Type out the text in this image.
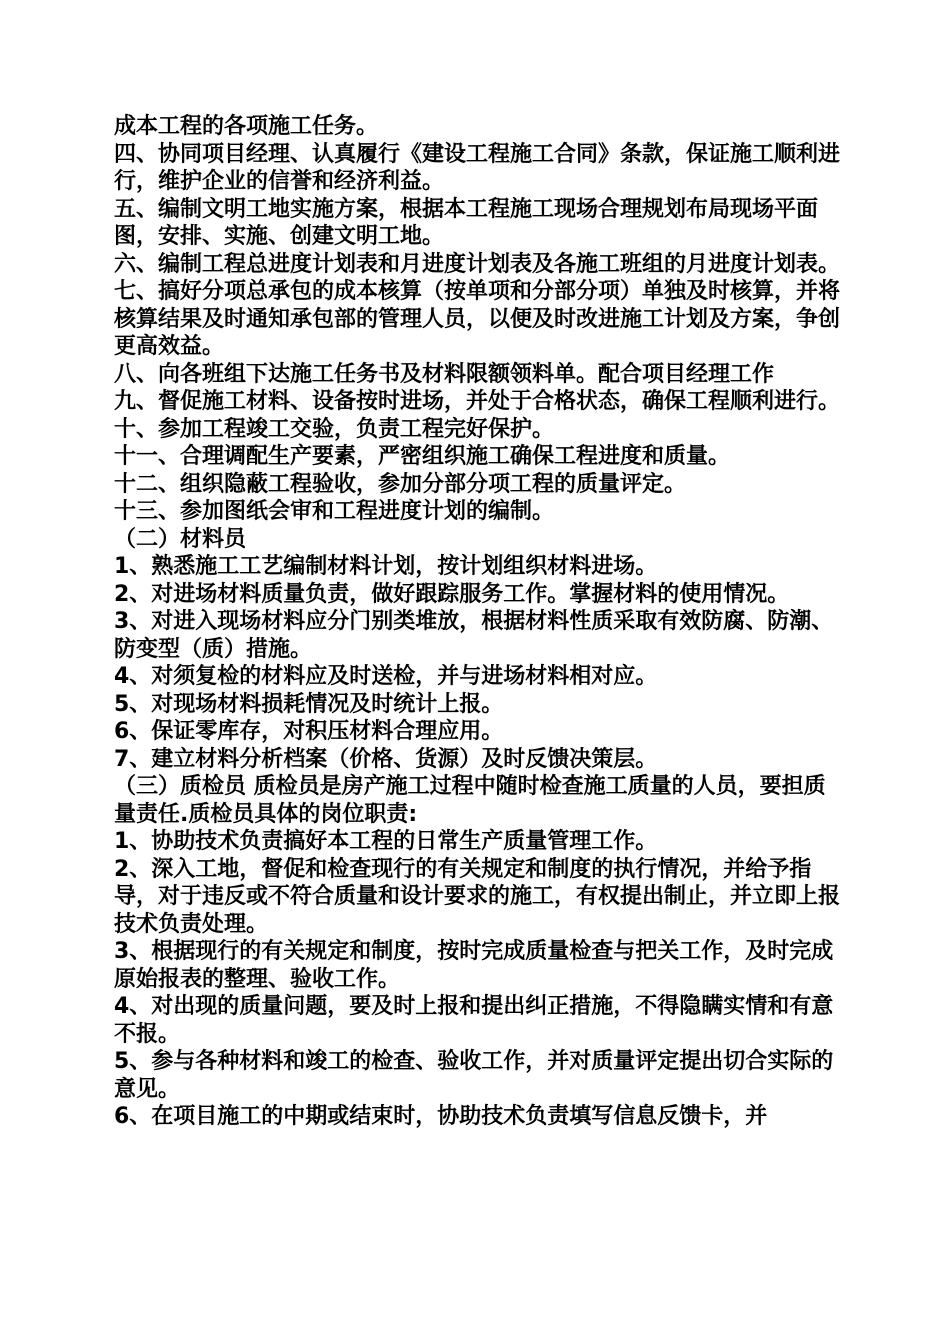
成本工程的各项施工任务。

四、协同项目经理、认真履行《建设工程施工合同》条款，保证施工顺利进行，维护企业的信誉和经济利益。

五、编制文明工地实施方案，根据本工程施工现场合理规划布局现场平面图，安排、实施、创建文明工地。

六、编制工程总进度计划表和月进度计划表及各施工班组的月进度计划表。

七、搞好分项总承包的成本核算（按单项和分部分项）单独及时核算，并将核算结果及时通知承包部的管理人员，以便及时改进施工计划及方案，争创更高效益。

八、向各班组下达施工任务书及材料限额领料单。配合项目经理工作

九、督促施工材料、设备按时进场，并处于合格状态，确保工程顺利进行。

十、参加工程竣工交验，负责工程完好保护。

十一、合理调配生产要素，严密组织施工确保工程进度和质量。

十二、组织隐蔽工程验收，参加分部分项工程的质量评定。

十三、参加图纸会审和工程进度计划的编制。

（二）材料员

1、熟悉施工工艺编制材料计划，按计划组织材料进场。

2、对进场材料质量负责，做好跟踪服务工作。掌握材料的使用情况。

3、对进入现场材料应分门别类堆放，根据材料性质采取有效防腐、防潮、防变型（质）措施。

4、对须复检的材料应及时送检，并与进场材料相对应。

5、对现场材料损耗情况及时统计上报。

6、保证零库存，对积压材料合理应用。

7、建立材料分析档案（价格、货源）及时反馈决策层。

（三）质检员 质检员是房产施工过程中随时检查施工质量的人员，要担质量责任.质检员具体的岗位职责:

1、协助技术负责搞好本工程的日常生产质量管理工作。

2、深入工地，督促和检查现行的有关规定和制度的执行情况，并给予指导，对于违反或不符合质量和设计要求的施工，有权提出制止，并立即上报技术负责处理。

3、根据现行的有关规定和制度，按时完成质量检查与把关工作，及时完成原始报表的整理、验收工作。

4、对出现的质量问题，要及时上报和提出纠正措施，不得隐瞒实情和有意不报。

5、参与各种材料和竣工的检查、验收工作，并对质量评定提出切合实际的意见。

6、在项目施工的中期或结束时，协助技术负责填写信息反馈卡，并
